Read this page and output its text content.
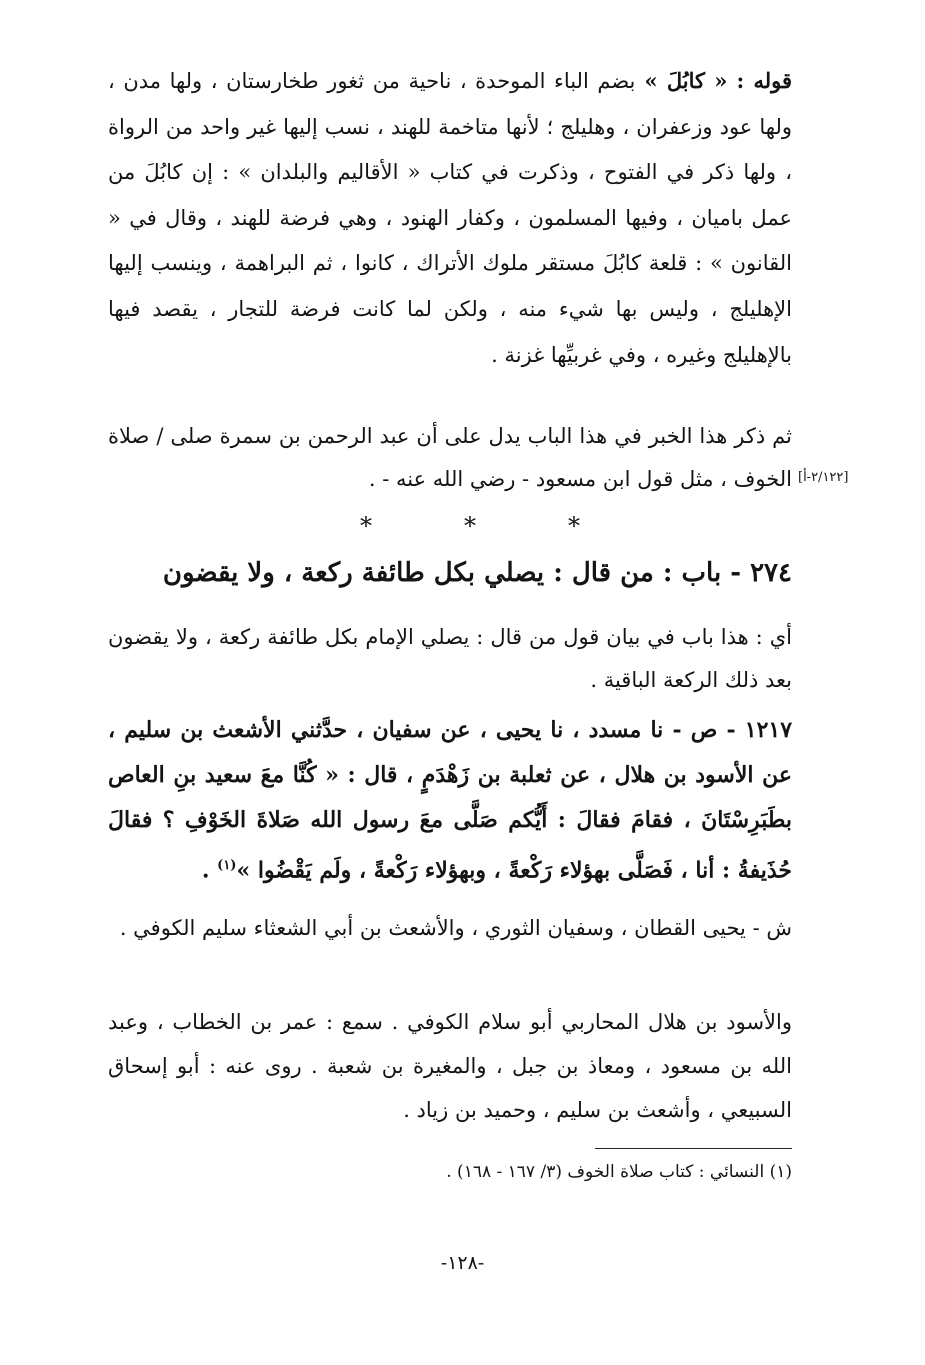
قوله : « كابُلَ » بضم الباء الموحدة ، ناحية من ثغور طخارستان ، ولها مدن ، ولها عود وزعفران ، وهليلج ؛ لأنها متاخمة للهند ، نسب إليها غير واحد من الرواة ، ولها ذكر في الفتوح ، وذكرت في كتاب « الأقاليم والبلدان » : إن كابُلَ من عمل باميان ، وفيها المسلمون ، وكفار الهنود ، وهي فرضة للهند ، وقال في « القانون » : قلعة كابُلَ مستقر ملوك الأتراك ، كانوا ، ثم البراهمة ، وينسب إليها الإهليلج ، وليس بها شيء منه ، ولكن لما كانت فرضة للتجار ، يقصد فيها بالإهليلج وغيره ، وفي غربيِّها غزنة .
ثم ذكر هذا الخبر في هذا الباب يدل على أن عبد الرحمن بن سمرة صلى / صلاة الخوف ، مثل قول ابن مسعود - رضي الله عنه - . [٢/١٢٢-أ]
*	*	*
٢٧٤ - باب : من قال : يصلي بكل طائفة ركعة ، ولا يقضون
أي : هذا باب في بيان قول من قال : يصلي الإمام بكل طائفة ركعة ، ولا يقضون بعد ذلك الركعة الباقية .
١٢١٧ - ص - نا مسدد ، نا يحيى ، عن سفيان ، حدَّثني الأشعث بن سليم ، عن الأسود بن هلال ، عن ثعلبة بن زَهْدَمٍ ، قال : « كُنَّا معَ سعيد بنِ العاص بطَبَرِسْتَانَ ، فقامَ فقالَ : أَيُّكم صَلَّى معَ رسول الله صَلاةَ الخَوْفِ ؟ فقالَ حُذَيفةُ : أنا ، فَصَلَّى بهؤلاء رَكْعةً ، وبهؤلاء رَكْعةً ، ولَم يَقْضُوا »$^{(١)}$ .
ش - يحيى القطان ، وسفيان الثوري ، والأشعث بن أبي الشعثاء سليم الكوفي .
والأسود بن هلال المحاربي أبو سلام الكوفي . سمع : عمر بن الخطاب ، وعبد الله بن مسعود ، ومعاذ بن جبل ، والمغيرة بن شعبة . روى عنه : أبو إسحاق السبيعي ، وأشعث بن سليم ، وحميد بن زياد .
(١) النسائي : كتاب صلاة الخوف (٣/ ١٦٧ - ١٦٨) .
-١٢٨-
